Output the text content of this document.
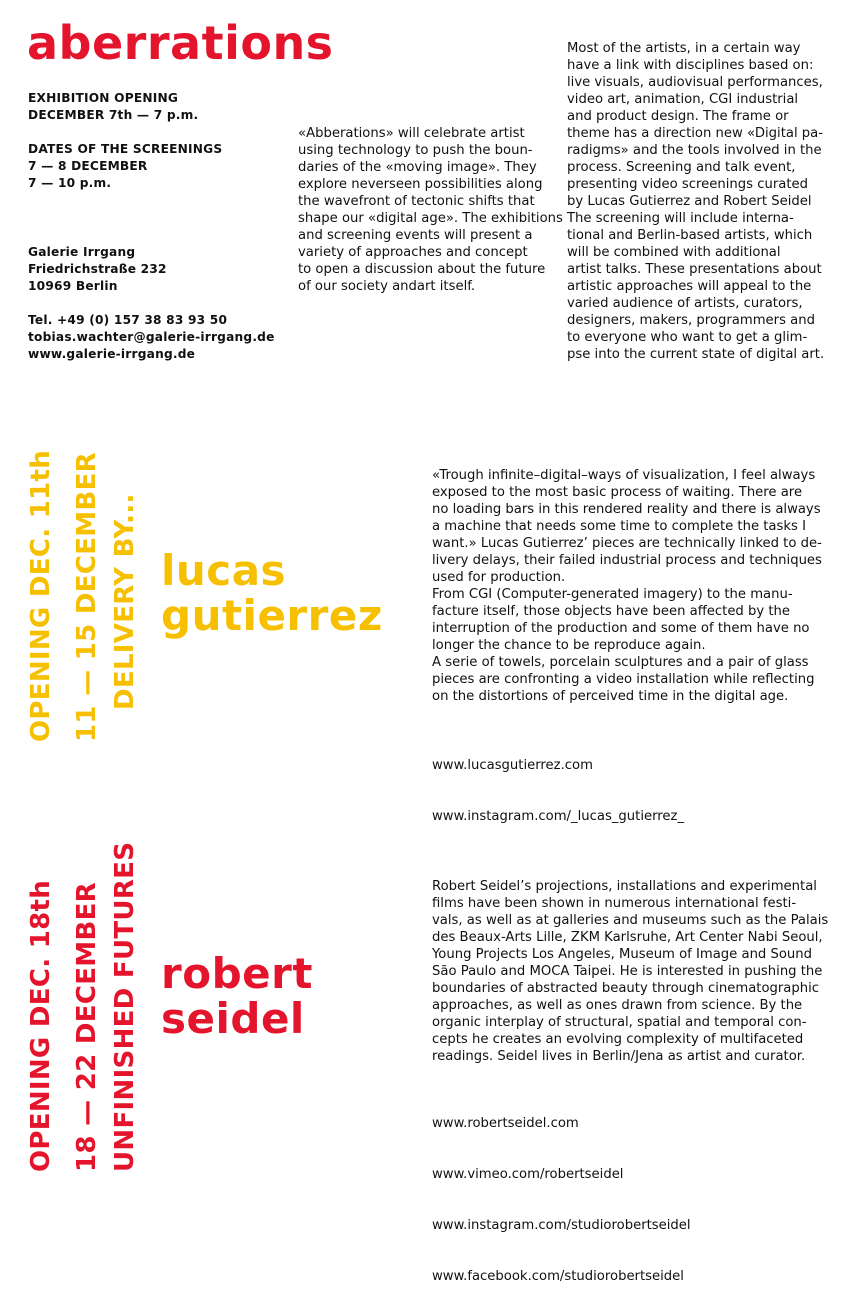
aberrations
EXHIBITION OPENING
DECEMBER 7th — 7 p.m.
DATES OF THE SCREENINGS
7 — 8 DECEMBER
7 — 10 p.m.
Galerie Irrgang
Friedrichstraße 232
10969 Berlin
Tel. +49 (0) 157 38 83 93 50
tobias.wachter@galerie-irrgang.de
www.galerie-irrgang.de
«Abberations» will celebrate artist
using technology to push the boun-
daries of the «moving image». They
explore neverseen possibilities along
the wavefront of tectonic shifts that
shape our «digital age». The exhibitions
and screening events will present a
variety of approaches and concept
to open a discussion about the future
of our society andart itself.
Most of the artists, in a certain way
have a link with disciplines based on:
live visuals, audiovisual performances,
video art, animation, CGI industrial
and product design. The frame or
theme has a direction new «Digital pa-
radigms» and the tools involved in the
process. Screening and talk event,
presenting video screenings curated
by Lucas Gutierrez and Robert Seidel
The screening will include interna-
tional and Berlin-based artists, which
will be combined with additional
artist talks. These presentations about
artistic approaches will appeal to the
varied audience of artists, curators,
designers, makers, programmers and
to everyone who want to get a glim-
pse into the current state of digital art.
OPENING DEC. 11th 11 — 15 DECEMBER DELIVERY BY... lucas
gutierrez
«Trough infinite–digital–ways of visualization, I feel always
exposed to the most basic process of waiting. There are
no loading bars in this rendered reality and there is always
a machine that needs some time to complete the tasks I
want.» Lucas Gutierrez’ pieces are technically linked to de-
livery delays, their failed industrial process and techniques
used for production.
From CGI (Computer-generated imagery) to the manu-
facture itself, those objects have been affected by the
interruption of the production and some of them have no
longer the chance to be reproduce again.
A serie of towels, porcelain sculptures and a pair of glass
pieces are confronting a video installation while reflecting
on the distortions of perceived time in the digital age.

www.lucasgutierrez.com

www.instagram.com/_lucas_gutierrez_

OPENING DEC. 18th 18 — 22 DECEMBER UNFINISHED FUTURES robert
seidel
Robert Seidel’s projections, installations and experimental
films have been shown in numerous international festi-
vals, as well as at galleries and museums such as the Palais
des Beaux-Arts Lille, ZKM Karlsruhe, Art Center Nabi Seoul,
Young Projects Los Angeles, Museum of Image and Sound
São Paulo and MOCA Taipei. He is interested in pushing the
boundaries of abstracted beauty through cinematographic
approaches, as well as ones drawn from science. By the
organic interplay of structural, spatial and temporal con-
cepts he creates an evolving complexity of multifaceted
readings. Seidel lives in Berlin/Jena as artist and curator.

www.robertseidel.com

www.vimeo.com/robertseidel

www.instagram.com/studiorobertseidel

www.facebook.com/studiorobertseidel
